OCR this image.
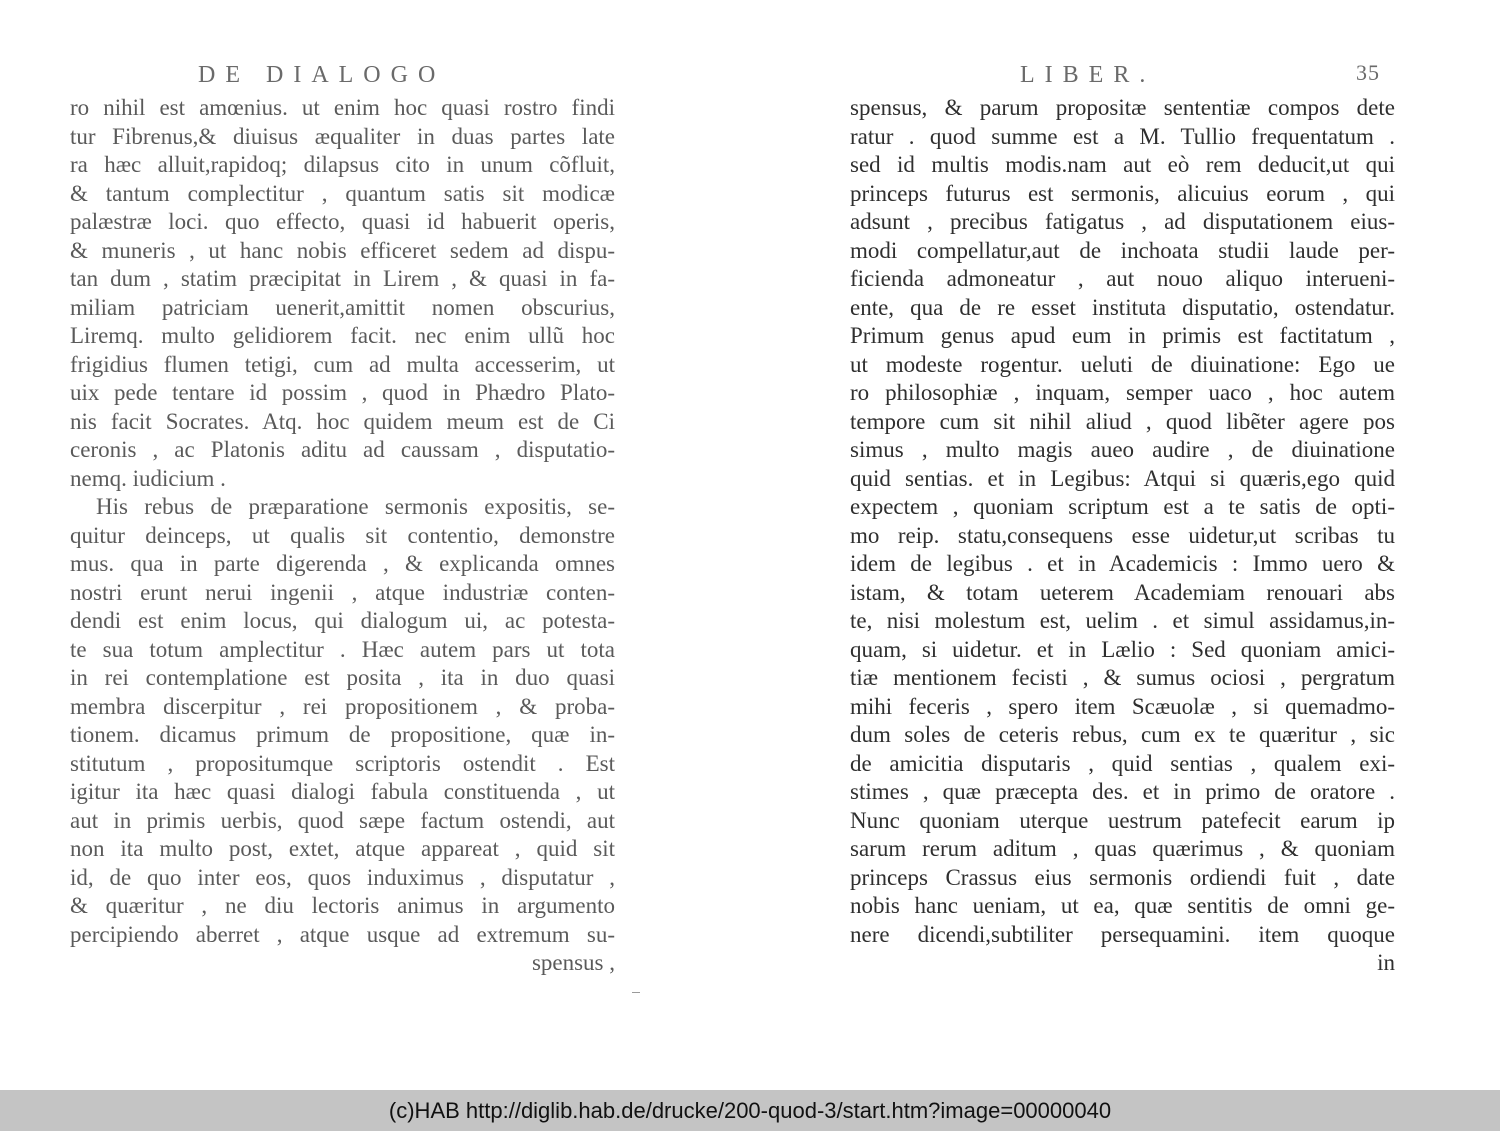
DE DIALOGO
ro nihil est amœnius. ut enim hoc quasi rostro findi
tur Fibrenus,& diuisus æqualiter in duas partes late
ra hæc alluit,rapidoq; dilapsus cito in unum cõfluit,
& tantum complectitur , quantum satis sit modicæ
palæstræ loci. quo effecto, quasi id habuerit operis,
& muneris , ut hanc nobis efficeret sedem ad dispu-
tan dum , statim præcipitat in Lirem , & quasi in fa-
miliam patriciam uenerit,amittit nomen obscurius,
Liremq. multo gelidiorem facit. nec enim ullũ hoc
frigidius flumen tetigi, cum ad multa accesserim, ut
uix pede tentare id possim , quod in Phædro Plato-
nis facit Socrates. Atq. hoc quidem meum est de Ci
ceronis , ac Platonis aditu ad caussam , disputatio-
nemq. iudicium .
His rebus de præparatione sermonis expositis, se-
quitur deinceps, ut qualis sit contentio, demonstre
mus. qua in parte digerenda , & explicanda omnes
nostri erunt nerui ingenii , atque industriæ conten-
dendi est enim locus, qui dialogum ui, ac potesta-
te sua totum amplectitur . Hæc autem pars ut tota
in rei contemplatione est posita , ita in duo quasi
membra discerpitur , rei propositionem , & proba-
tionem. dicamus primum de propositione, quæ in-
stitutum , propositumque scriptoris ostendit . Est
igitur ita hæc quasi dialogi fabula constituenda , ut
aut in primis uerbis, quod sæpe factum ostendi, aut
non ita multo post, extet, atque appareat , quid sit
id, de quo inter eos, quos induximus , disputatur ,
& quæritur , ne diu lectoris animus in argumento
percipiendo aberret , atque usque ad extremum su-
spensus ,
LIBER.	35
spensus, & parum propositæ sententiæ compos dete
ratur . quod summe est a M. Tullio frequentatum .
sed id multis modis.nam aut eò rem deducit,ut qui
princeps futurus est sermonis, alicuius eorum , qui
adsunt , precibus fatigatus , ad disputationem eius-
modi compellatur,aut de inchoata studii laude per-
ficienda admoneatur , aut nouo aliquo interueni-
ente, qua de re esset instituta disputatio, ostendatur.
Primum genus apud eum in primis est factitatum ,
ut modeste rogentur. ueluti de diuinatione: Ego ue
ro philosophiæ , inquam, semper uaco , hoc autem
tempore cum sit nihil aliud , quod libẽter agere pos
simus , multo magis aueo audire , de diuinatione
quid sentias. et in Legibus: Atqui si quæris,ego quid
expectem , quoniam scriptum est a te satis de opti-
mo reip. statu,consequens esse uidetur,ut scribas tu
idem de legibus . et in Academicis : Immo uero &
istam, & totam ueterem Academiam renouari abs
te, nisi molestum est, uelim . et simul assidamus,in-
quam, si uidetur. et in Lælio : Sed quoniam amici-
tiæ mentionem fecisti , & sumus ociosi , pergratum
mihi feceris , spero item Scæuolæ , si quemadmo-
dum soles de ceteris rebus, cum ex te quæritur , sic
de amicitia disputaris , quid sentias , qualem exi-
stimes , quæ præcepta des. et in primo de oratore .
Nunc quoniam uterque uestrum patefecit earum ip
sarum rerum aditum , quas quærimus , & quoniam
princeps Crassus eius sermonis ordiendi fuit , date
nobis hanc ueniam, ut ea, quæ sentitis de omni ge-
nere dicendi,subtiliter persequamini. item quoque
in
(c)HAB http://diglib.hab.de/drucke/200-quod-3/start.htm?image=00000040
